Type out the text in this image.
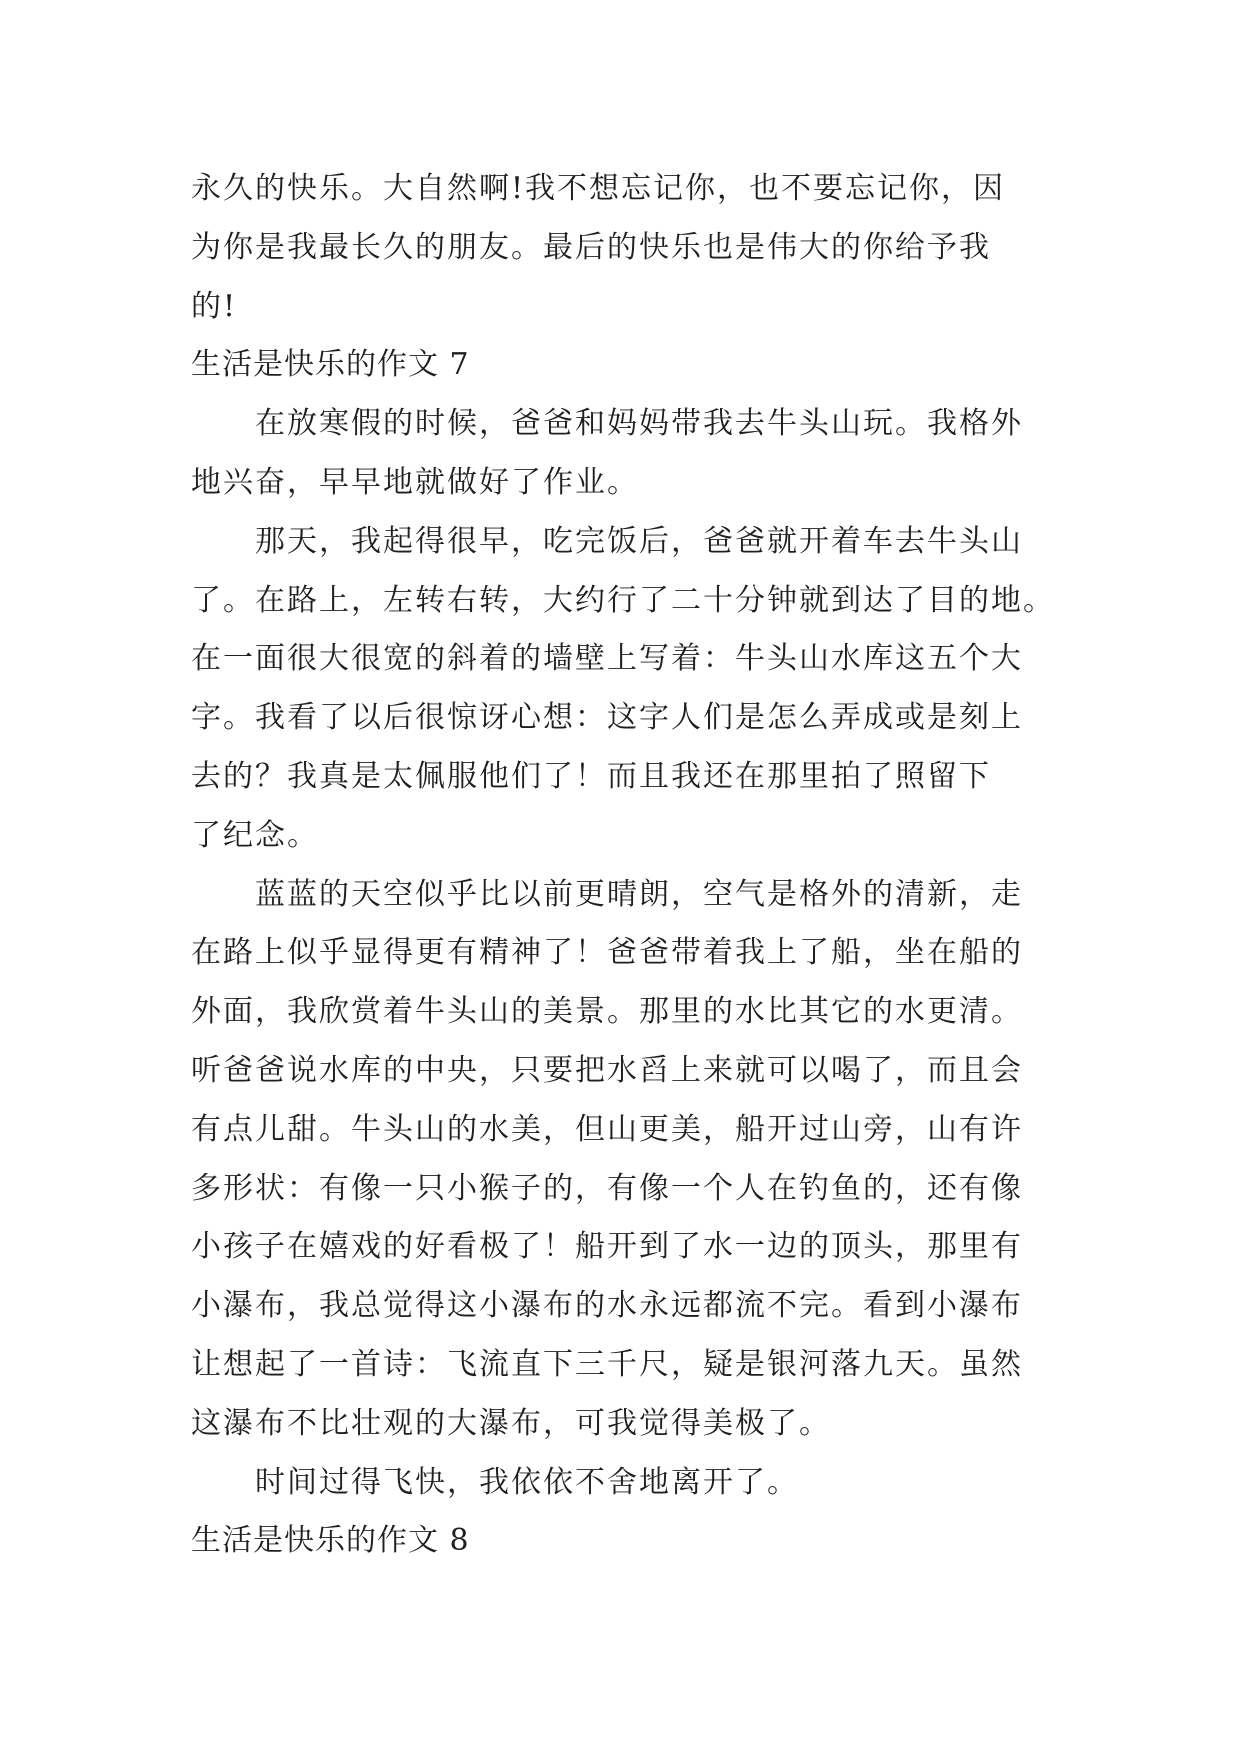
永久的快乐。大自然啊!我不想忘记你，也不要忘记你，因
为你是我最长久的朋友。最后的快乐也是伟大的你给予我
的!
生活是快乐的作文 7
在放寒假的时候，爸爸和妈妈带我去牛头山玩。我格外
地兴奋，早早地就做好了作业。
那天，我起得很早，吃完饭后，爸爸就开着车去牛头山
了。在路上，左转右转，大约行了二十分钟就到达了目的地。
在一面很大很宽的斜着的墙壁上写着：牛头山水库这五个大
字。我看了以后很惊讶心想：这字人们是怎么弄成或是刻上
去的？我真是太佩服他们了！而且我还在那里拍了照留下
了纪念。
蓝蓝的天空似乎比以前更晴朗，空气是格外的清新，走
在路上似乎显得更有精神了！爸爸带着我上了船，坐在船的
外面，我欣赏着牛头山的美景。那里的水比其它的水更清。
听爸爸说水库的中央，只要把水舀上来就可以喝了，而且会
有点儿甜。牛头山的水美，但山更美，船开过山旁，山有许
多形状：有像一只小猴子的，有像一个人在钓鱼的，还有像
小孩子在嬉戏的好看极了！船开到了水一边的顶头，那里有
小瀑布，我总觉得这小瀑布的水永远都流不完。看到小瀑布
让想起了一首诗：飞流直下三千尺，疑是银河落九天。虽然
这瀑布不比壮观的大瀑布，可我觉得美极了。
时间过得飞快，我依依不舍地离开了。
生活是快乐的作文 8
